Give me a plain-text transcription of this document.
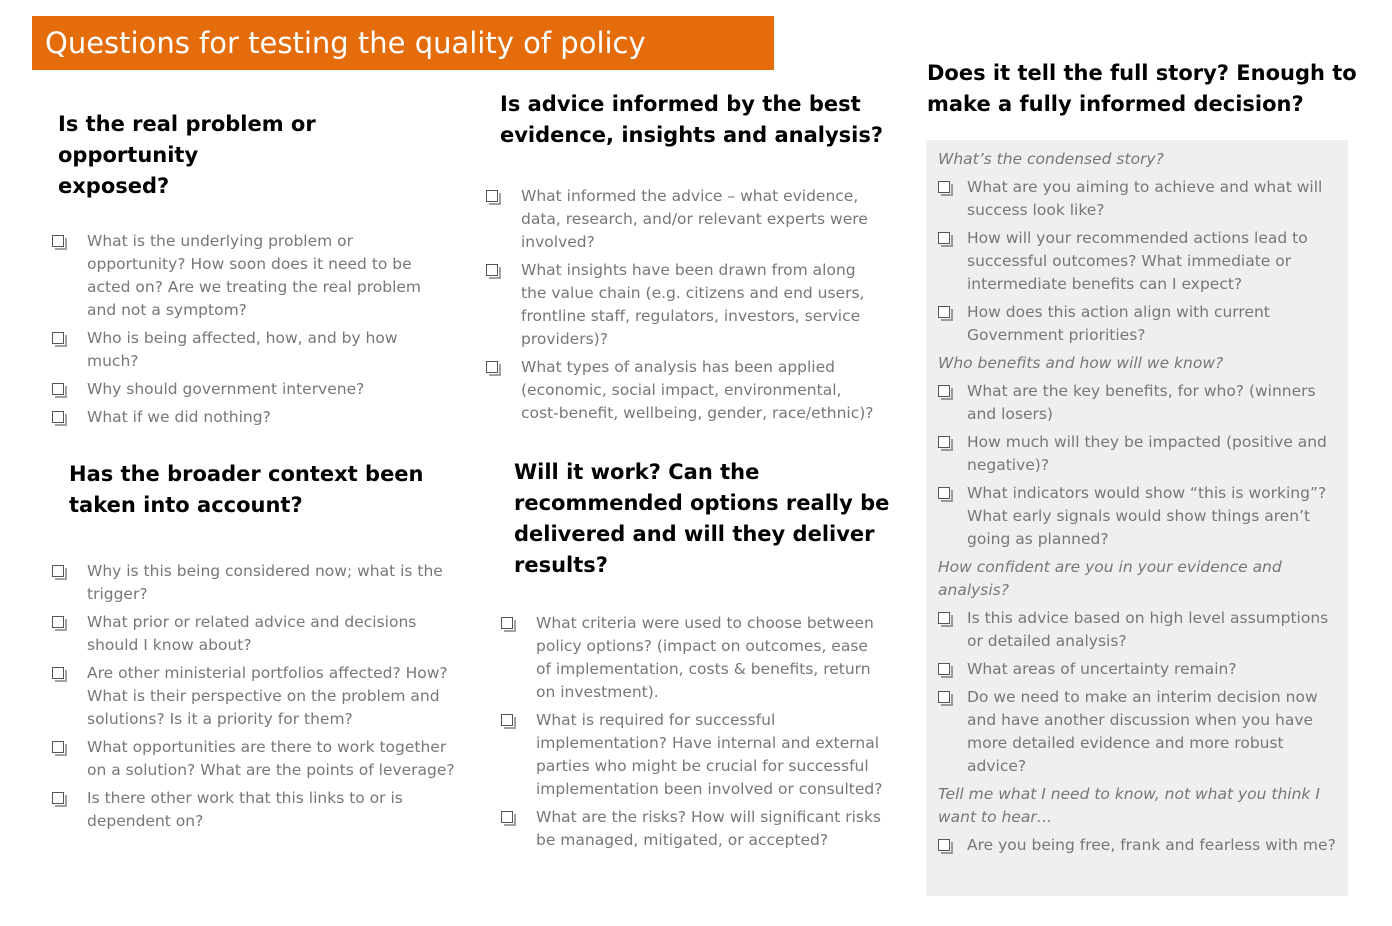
Questions for testing the quality of policy
Is the real problem or opportunity
exposed?
What is the underlying problem or opportunity? How soon does it need to be acted on? Are we treating the real problem and not a symptom?
Who is being affected, how, and by how much?
Why should government intervene?
What if we did nothing?
Is advice informed by the best
evidence, insights and analysis?
What informed the advice – what evidence, data, research, and/or relevant experts were involved?
What insights have been drawn from along the value chain (e.g. citizens and end users, frontline staff, regulators, investors, service providers)?
What types of analysis has been applied (economic, social impact, environmental, cost-benefit, wellbeing, gender, race/ethnic)?
Has the broader context been
taken into account?
Why is this being considered now; what is the trigger?
What prior or related advice and decisions should I know about?
Are other ministerial portfolios affected? How? What is their perspective on the problem and solutions? Is it a priority for them?
What opportunities are there to work together on a solution? What are the points of leverage?
Is there other work that this links to or is dependent on?
Will it work? Can the
recommended options really be
delivered and will they deliver
results?
What criteria were used to choose between policy options? (impact on outcomes, ease of implementation, costs & benefits, return on investment).
What is required for successful implementation? Have internal and external parties who might be crucial for successful implementation been involved or consulted?
What are the risks? How will significant risks be managed, mitigated, or accepted?
Does it tell the full story? Enough to
make a fully informed decision?
What’s the condensed story?
What are you aiming to achieve and what will success look like?
How will your recommended actions lead to successful outcomes? What immediate or intermediate benefits can I expect?
How does this action align with current Government priorities?
Who benefits and how will we know?
What are the key benefits, for who? (winners and losers)
How much will they be impacted (positive and negative)?
What indicators would show “this is working”? What early signals would show things aren’t going as planned?
How confident are you in your evidence and analysis?
Is this advice based on high level assumptions or detailed analysis?
What areas of uncertainty remain?
Do we need to make an interim decision now and have another discussion when you have more detailed evidence and more robust advice?
Tell me what I need to know, not what you think I want to hear…
Are you being free, frank and fearless with me?
